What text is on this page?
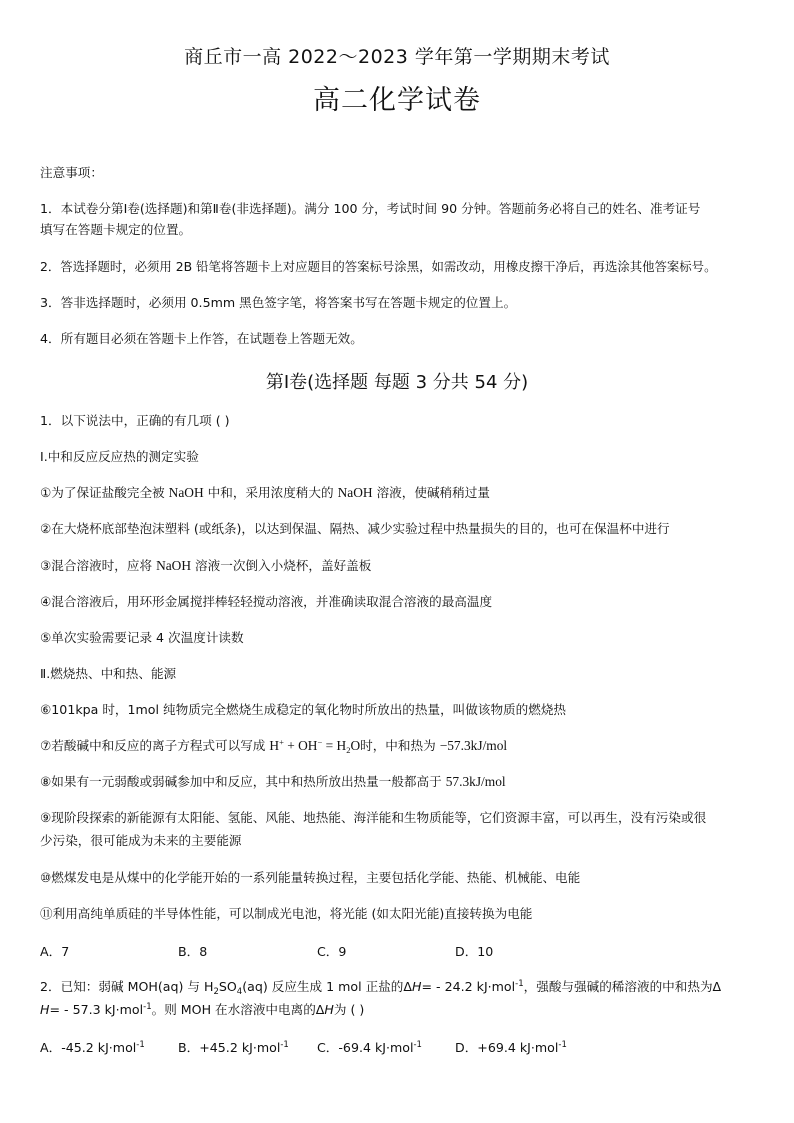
商丘市一高 2022～2023 学年第一学期期末考试
高二化学试卷
注意事项：
1．本试卷分第Ⅰ卷(选择题)和第Ⅱ卷(非选择题)。满分 100 分，考试时间 90 分钟。答题前务必将自己的姓名、准考证号
填写在答题卡规定的位置。
2．答选择题时，必须用 2B 铅笔将答题卡上对应题目的答案标号涂黑，如需改动，用橡皮擦干净后，再选涂其他答案标号。
3．答非选择题时，必须用 0.5mm 黑色签字笔，将答案书写在答题卡规定的位置上。
4．所有题目必须在答题卡上作答，在试题卷上答题无效。
第Ⅰ卷(选择题 每题 3 分共 54 分)
1．以下说法中，正确的有几项 ( )
Ⅰ.中和反应反应热的测定实验
①为了保证盐酸完全被 NaOH 中和，采用浓度稍大的 NaOH 溶液，使碱稍稍过量
②在大烧杯底部垫泡沫塑料 (或纸条)，以达到保温、隔热、减少实验过程中热量损失的目的，也可在保温杯中进行
③混合溶液时，应将 NaOH 溶液一次倒入小烧杯，盖好盖板
④混合溶液后，用环形金属搅拌棒轻轻搅动溶液，并准确读取混合溶液的最高温度
⑤单次实验需要记录 4 次温度计读数
Ⅱ.燃烧热、中和热、能源
⑥101kpa 时，1mol 纯物质完全燃烧生成稳定的氧化物时所放出的热量，叫做该物质的燃烧热
⑦若酸碱中和反应的离子方程式可以写成 $H^+ + OH^- = H_2O$时，中和热为 −57.3kJ/mol
⑧如果有一元弱酸或弱碱参加中和反应，其中和热所放出热量一般都高于 57.3kJ/mol
⑨现阶段探索的新能源有太阳能、氢能、风能、地热能、海洋能和生物质能等，它们资源丰富，可以再生，没有污染或很
少污染，很可能成为未来的主要能源
⑩燃煤发电是从煤中的化学能开始的一系列能量转换过程，主要包括化学能、热能、机械能、电能
⑪利用高纯单质硅的半导体性能，可以制成光电池，将光能 (如太阳光能)直接转换为电能
A．7	B．8	C．9	D．10
2．已知：弱碱 MOH(aq) 与 $H_2SO_4(aq)$ 反应生成 1 mol 正盐的ΔH= - 24.2 kJ·mol$^{-1}$，强酸与强碱的稀溶液的中和热为Δ
H= - 57.3 kJ·mol$^{-1}$。则 MOH 在水溶液中电离的ΔH为 ( )
A．-45.2 kJ·mol$^{-1}$	B．+45.2 kJ·mol$^{-1}$ C．-69.4 kJ·mol$^{-1}$	D．+69.4 kJ·mol$^{-1}$
